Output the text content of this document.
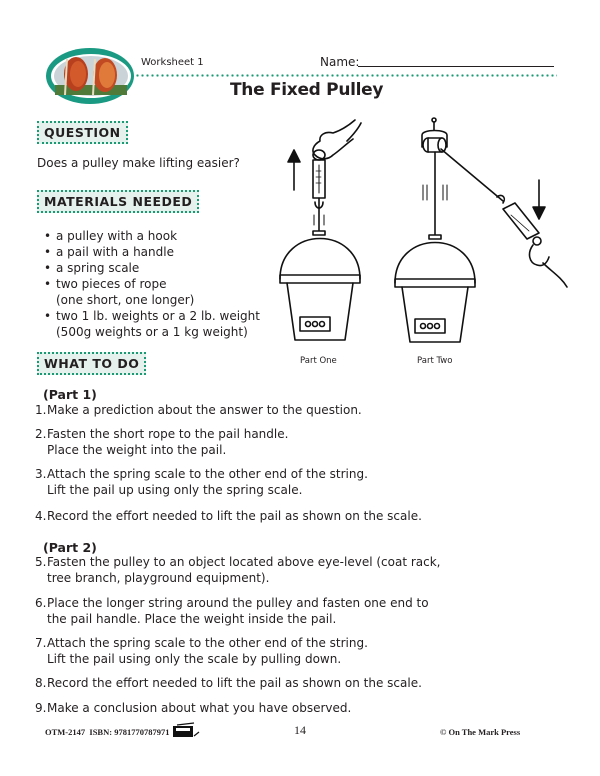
Worksheet 1	Name:
The Fixed Pulley
QUESTION
Does a pulley make lifting easier?
MATERIALS NEEDED
• a pulley with a hook
• a pail with a handle
• a spring scale
• two pieces of rope
(one short, one longer)
• two 1 lb. weights or a 2 lb. weight
(500g weights or a 1 kg weight)
Part One	Part Two
WHAT TO DO
(Part 1)
1.Make a prediction about the answer to the question.
2.Fasten the short rope to the pail handle.
Place the weight into the pail.
3.Attach the spring scale to the other end of the string.
Lift the pail up using only the spring scale.
4.Record the effort needed to lift the pail as shown on the scale.
(Part 2)
5.Fasten the pulley to an object located above eye-level (coat rack,
tree branch, playground equipment).
6.Place the longer string around the pulley and fasten one end to
the pail handle. Place the weight inside the pail.
7.Attach the spring scale to the other end of the string.
Lift the pail using only the scale by pulling down.
8.Record the effort needed to lift the pail as shown on the scale.
9.Make a conclusion about what you have observed.
OTM-2147 ISBN: 9781770787971	14	© On The Mark Press
